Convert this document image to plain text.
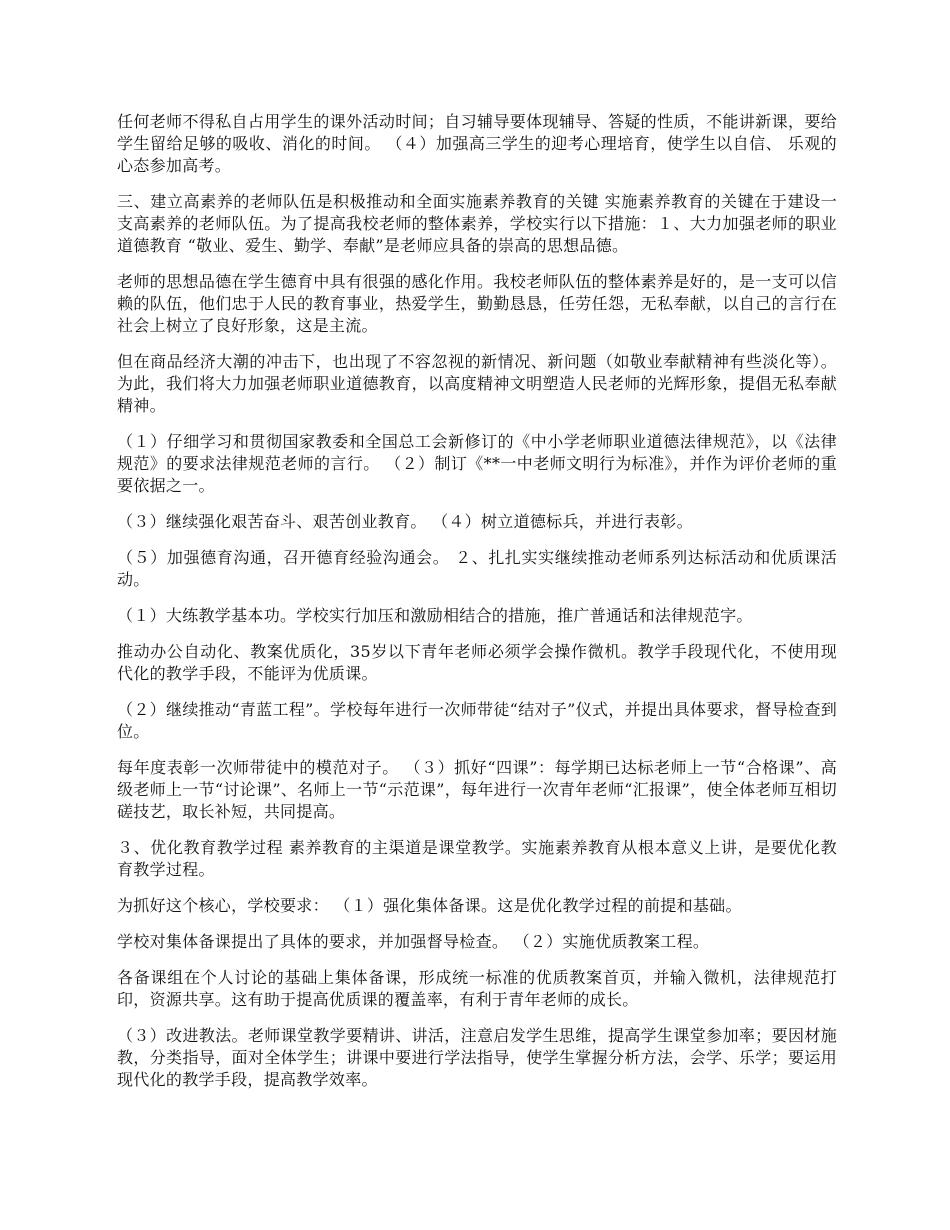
任何老师不得私自占用学生的课外活动时间；自习辅导要体现辅导、答疑的性质，不能讲新课，要给学生留给足够的吸收、消化的时间。 （４）加强高三学生的迎考心理培育，使学生以自信、 乐观的心态参加高考。

三、建立高素养的老师队伍是积极推动和全面实施素养教育的关键 实施素养教育的关键在于建设一支高素养的老师队伍。为了提高我校老师的整体素养，学校实行以下措施：１、大力加强老师的职业道德教育 “敬业、爱生、勤学、奉献”是老师应具备的崇高的思想品德。

老师的思想品德在学生德育中具有很强的感化作用。我校老师队伍的整体素养是好的，是一支可以信赖的队伍，他们忠于人民的教育事业，热爱学生，勤勤恳恳，任劳任怨，无私奉献，以自己的言行在社会上树立了良好形象，这是主流。

但在商品经济大潮的冲击下，也出现了不容忽视的新情况、新问题（如敬业奉献精神有些淡化等）。为此，我们将大力加强老师职业道德教育，以高度精神文明塑造人民老师的光辉形象，提倡无私奉献精神。

（１）仔细学习和贯彻国家教委和全国总工会新修订的《中小学老师职业道德法律规范》，以《法律规范》的要求法律规范老师的言行。 （２）制订《**一中老师文明行为标准》，并作为评价老师的重要依据之一。

（３）继续强化艰苦奋斗、艰苦创业教育。 （４）树立道德标兵，并进行表彰。

（５）加强德育沟通，召开德育经验沟通会。 ２、扎扎实实继续推动老师系列达标活动和优质课活动。

（１）大练教学基本功。学校实行加压和激励相结合的措施，推广普通话和法律规范字。

推动办公自动化、教案优质化，35岁以下青年老师必须学会操作微机。教学手段现代化，不使用现代化的教学手段，不能评为优质课。

（２）继续推动“青蓝工程”。学校每年进行一次师带徒“结对子”仪式，并提出具体要求，督导检查到位。

每年度表彰一次师带徒中的模范对子。 （３）抓好“四课”：每学期已达标老师上一节“合格课”、高级老师上一节“讨论课”、名师上一节“示范课”，每年进行一次青年老师“汇报课”，使全体老师互相切磋技艺，取长补短，共同提高。

３、优化教育教学过程 素养教育的主渠道是课堂教学。实施素养教育从根本意义上讲，是要优化教育教学过程。

为抓好这个核心，学校要求： （１）强化集体备课。这是优化教学过程的前提和基础。

学校对集体备课提出了具体的要求，并加强督导检查。 （２）实施优质教案工程。

各备课组在个人讨论的基础上集体备课，形成统一标准的优质教案首页，并输入微机，法律规范打印，资源共享。这有助于提高优质课的覆盖率，有利于青年老师的成长。

（３）改进教法。老师课堂教学要精讲、讲活，注意启发学生思维，提高学生课堂参加率；要因材施教，分类指导，面对全体学生；讲课中要进行学法指导，使学生掌握分析方法，会学、乐学；要运用现代化的教学手段，提高教学效率。
